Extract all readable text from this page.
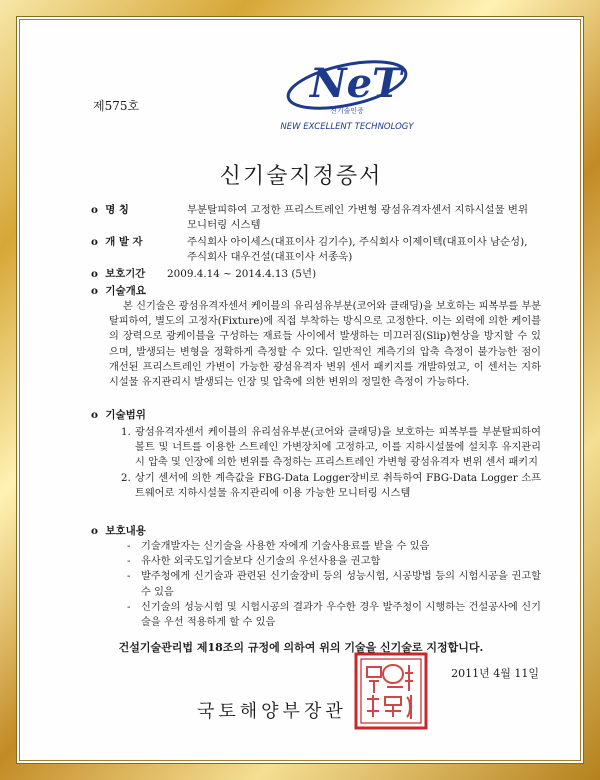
NeT
신기술인증
NEW EXCELLENT TECHNOLOGY
제575호
신기술지정증서
o 명 칭	부분탈피하여 고정한 프리스트레인 가변형 광섬유격자센서 지하시설물 변위 모니터링 시스템
o 개 발 자	주식회사 아이세스(대표이사 김기수), 주식회사 이제이텍(대표이사 남순성), 주식회사 대우건설(대표이사 서종욱)
o 보호기간 2009.4.14 ~ 2014.4.13 (5년)
o 기술개요
본 신기술은 광섬유격자센서 케이블의 유리섬유부분(코어와 클래딩)을 보호하는 피복부를 부분탈피하여, 별도의 고정자(Fixture)에 직접 부착하는 방식으로 고정한다. 이는 외력에 의한 케이블의 장력으로 광케이블을 구성하는 재료들 사이에서 발생하는 미끄러짐(Slip)현상을 방지할 수 있으며, 발생되는 변형을 정확하게 측정할 수 있다. 일반적인 계측기의 압축 측정이 불가능한 점이 개선된 프리스트레인 가변이 가능한 광섬유격자 변위 센서 패키지를 개발하였고, 이 센서는 지하시설물 유지관리시 발생되는 인장 및 압축에 의한 변위의 정밀한 측정이 가능하다.
o 기술범위
1. 광섬유격자센서 케이블의 유리섬유부분(코어와 클래딩)을 보호하는 피복부를 부분탈피하여 볼트 및 너트를 이용한 스트레인 가변장치에 고정하고, 이를 지하시설물에 설치후 유지관리시 압축 및 인장에 의한 변위를 측정하는 프리스트레인 가변형 광섬유격자 변위 센서 패키지
2. 상기 센서에 의한 계측값을 FBG-Data Logger장비로 취득하여 FBG-Data Logger 소프트웨어로 지하시설물 유지관리에 이용 가능한 모니터링 시스템
o 보호내용
- 기술개발자는 신기술을 사용한 자에게 기술사용료를 받을 수 있음
- 유사한 외국도입기술보다 신기술의 우선사용을 권고함
- 발주청에게 신기술과 관련된 신기술장비 등의 성능시험, 시공방법 등의 시험시공을 권고할 수 있음
- 신기술의 성능시험 및 시험시공의 결과가 우수한 경우 발주청이 시행하는 건설공사에 신기술을 우선 적용하게 할 수 있음
건설기술관리법 제18조의 규정에 의하여 위의 기술을 신기술로 지정합니다.
2011년 4월 11일
국토해양부장관
